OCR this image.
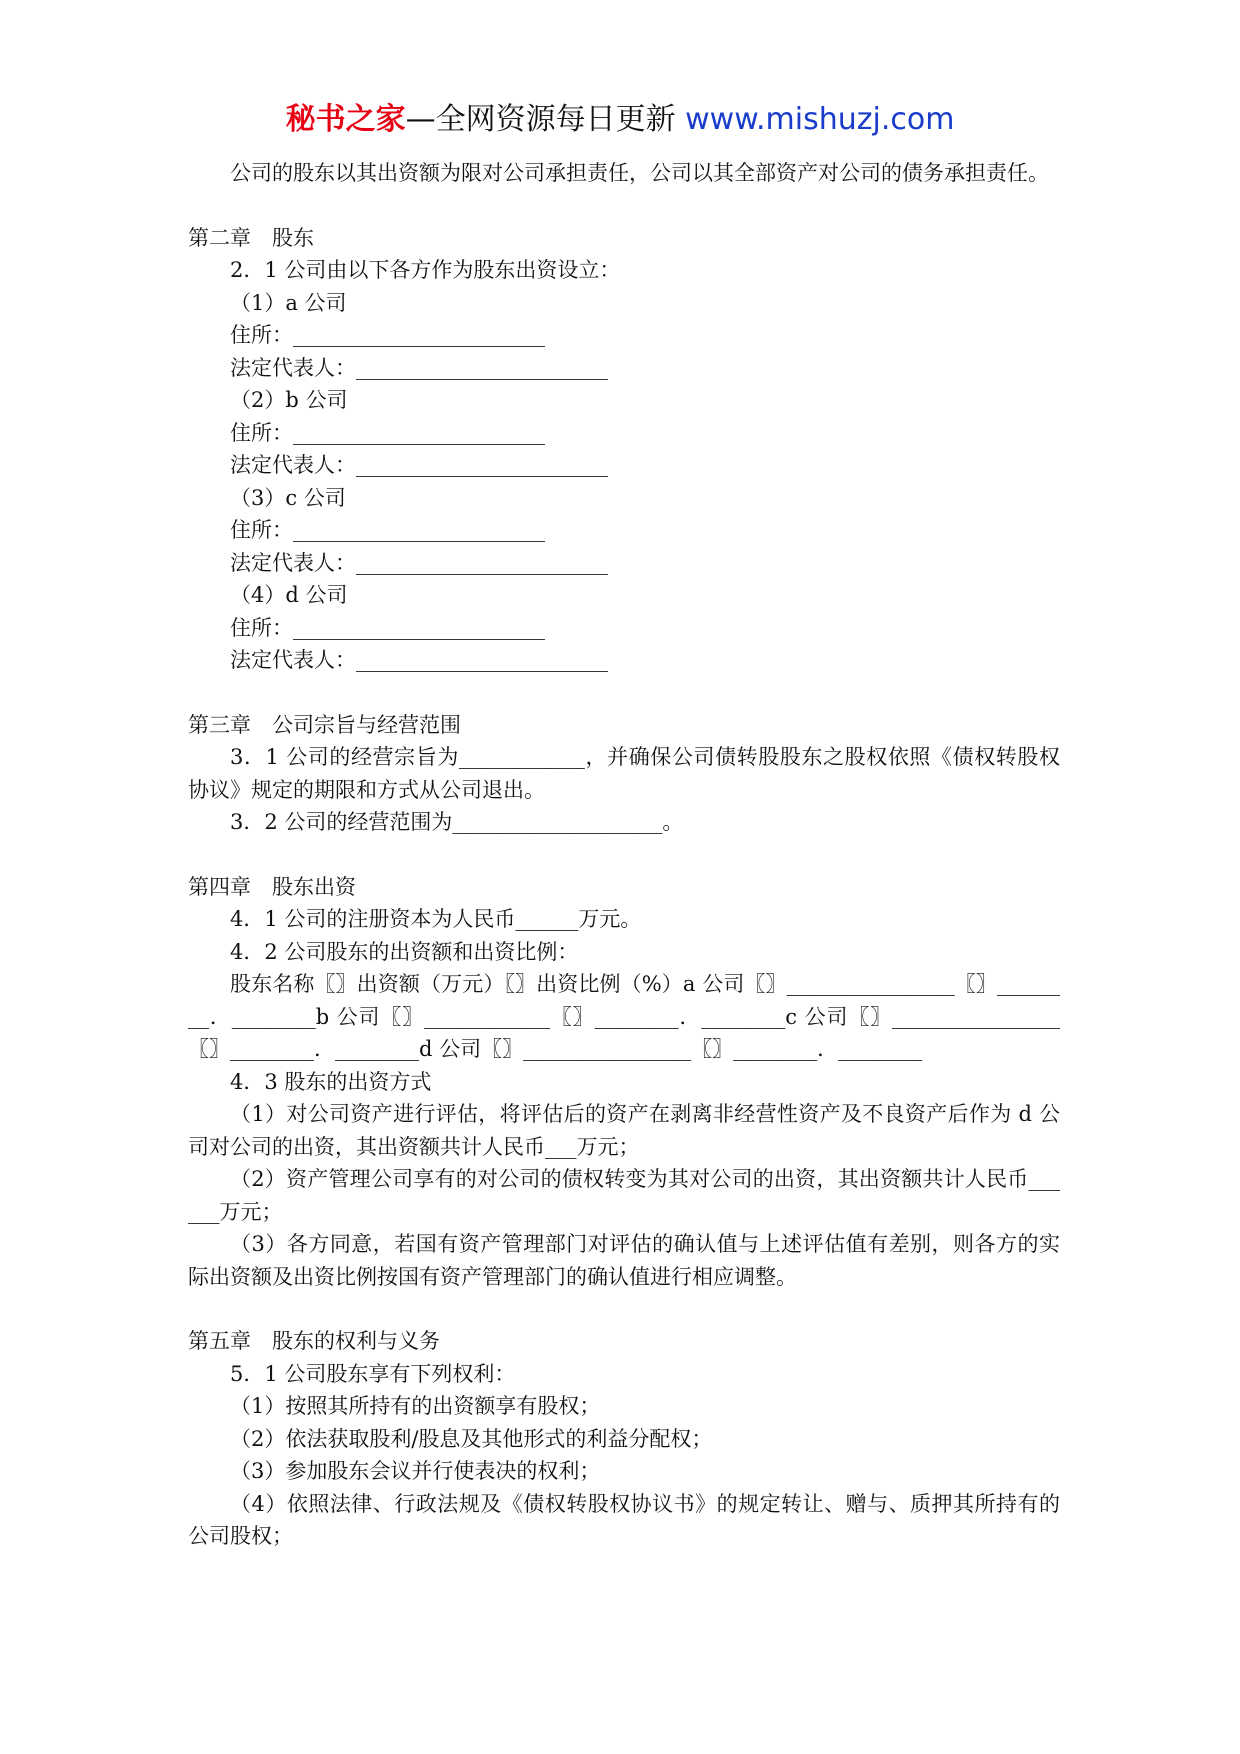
秘书之家—全网资源每日更新 www.mishuzj.com

公司的股东以其出资额为限对公司承担责任，公司以其全部资产对公司的债务承担责任。

第二章　股东

2．1 公司由以下各方作为股东出资设立：

（1）a 公司

住所：________________________

法定代表人：________________________

（2）b 公司

住所：________________________

法定代表人：________________________

（3）c 公司

住所：________________________

法定代表人：________________________

（4）d 公司

住所：________________________

法定代表人：________________________

第三章　公司宗旨与经营范围

3．1 公司的经营宗旨为____________，并确保公司债转股股东之股权依照《债权转股权协议》规定的期限和方式从公司退出。

3．2 公司的经营范围为____________________。

第四章　股东出资

4．1 公司的注册资本为人民币______万元。

4．2 公司股东的出资额和出资比例：

股东名称〖〗出资额（万元）〖〗出资比例（%）a 公司〖〗________________〖〗________．________b 公司〖〗____________〖〗________．________c 公司〖〗________________〖〗________．________d 公司〖〗________________〖〗________．________

4．3 股东的出资方式

（1）对公司资产进行评估，将评估后的资产在剥离非经营性资产及不良资产后作为 d 公司对公司的出资，其出资额共计人民币___万元；

（2）资产管理公司享有的对公司的债权转变为其对公司的出资，其出资额共计人民币______万元；

（3）各方同意，若国有资产管理部门对评估的确认值与上述评估值有差别，则各方的实际出资额及出资比例按国有资产管理部门的确认值进行相应调整。

第五章　股东的权利与义务

5．1 公司股东享有下列权利：

（1）按照其所持有的出资额享有股权；

（2）依法获取股利/股息及其他形式的利益分配权；

（3）参加股东会议并行使表决的权利；

（4）依照法律、行政法规及《债权转股权协议书》的规定转让、赠与、质押其所持有的公司股权；
